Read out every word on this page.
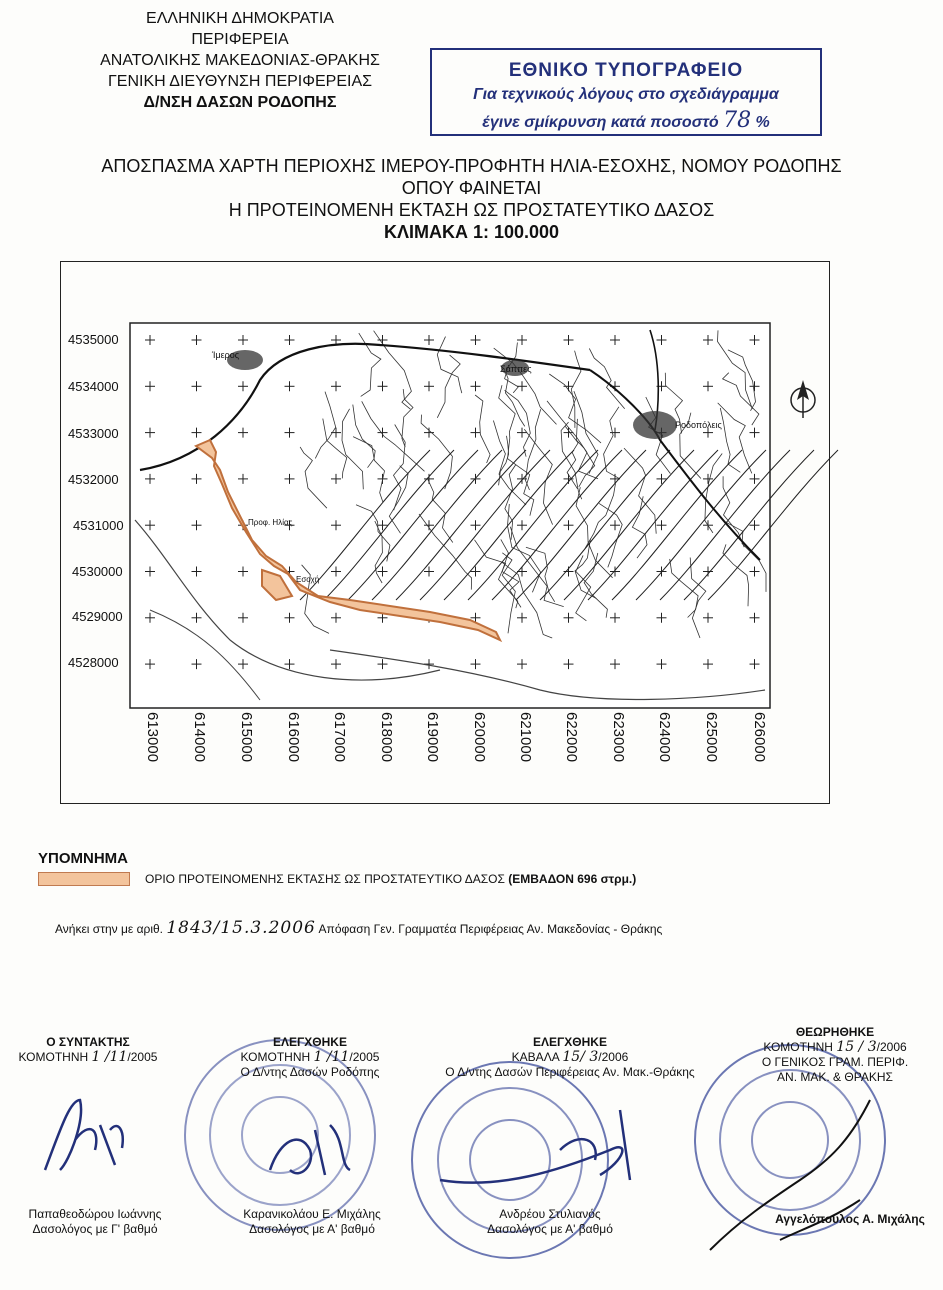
ΕΛΛΗΝΙΚΗ ΔΗΜΟΚΡΑΤΙΑ
ΠΕΡΙΦΕΡΕΙΑ
ΑΝΑΤΟΛΙΚΗΣ ΜΑΚΕΔΟΝΙΑΣ-ΘΡΑΚΗΣ
ΓΕΝΙΚΗ ΔΙΕΥΘΥΝΣΗ ΠΕΡΙΦΕΡΕΙΑΣ
Δ/ΝΣΗ ΔΑΣΩΝ ΡΟΔΟΠΗΣ
ΕΘΝΙΚΟ ΤΥΠΟΓΡΑΦΕΙΟ
Για τεχνικούς λόγους στο σχεδιάγραμμα
έγινε σμίκρυνση κατά ποσοστό 78 %
ΑΠΟΣΠΑΣΜΑ ΧΑΡΤΗ ΠΕΡΙΟΧΗΣ ΙΜΕΡΟΥ-ΠΡΟΦΗΤΗ ΗΛΙΑ-ΕΣΟΧΗΣ, ΝΟΜΟΥ ΡΟΔΟΠΗΣ
ΟΠΟΥ ΦΑΙΝΕΤΑΙ
Η ΠΡΟΤΕΙΝΟΜΕΝΗ ΕΚΤΑΣΗ ΩΣ ΠΡΟΣΤΑΤΕΥΤΙΚΟ ΔΑΣΟΣ
ΚΛΙΜΑΚΑ 1: 100.000
4535000
4534000
4533000
4532000
4531000
4530000
4529000
4528000
613000 614000 615000 616000 617000 618000 619000 620000 621000 622000 623000 624000 625000 626000
Ίμερος
Σάππες
Ροδοπόλεις
Προφ. Ηλίας
Εσοχή
ΥΠΟΜΝΗΜΑ
ΟΡΙΟ ΠΡΟΤΕΙΝΟΜΕΝΗΣ ΕΚΤΑΣΗΣ ΩΣ ΠΡΟΣΤΑΤΕΥΤΙΚΟ ΔΑΣΟΣ (ΕΜΒΑΔΟΝ 696 στρμ.)
Ανήκει στην με αριθ. 1843/15.3.2006 Απόφαση Γεν. Γραμματέα Περιφέρειας Αν. Μακεδονίας - Θράκης
Ο ΣΥΝΤΑΚΤΗΣ
ΚΟΜΟΤΗΝΗ 1 /11/2005
Παπαθεοδώρου Ιωάννης
Δασολόγος με Γ' βαθμό
ΕΛΕΓΧΘΗΚΕ
ΚΟΜΟΤΗΝΗ 1 /11/2005
Ο Δ/ντης Δασών Ροδόπης
Καρανικολάου Ε. Μιχάλης
Δασολόγος με Α' βαθμό
ΕΛΕΓΧΘΗΚΕ
ΚΑΒΑΛΑ 15/ 3/2006
Ο Δ/ντης Δασών Περιφέρειας Αν. Μακ.-Θράκης
Ανδρέου Στυλιανός
Δασολόγος με Α' βαθμό
ΘΕΩΡΗΘΗΚΕ
ΚΟΜΟΤΗΝΗ 15 / 3/2006
Ο ΓΕΝΙΚΟΣ ΓΡΑΜ. ΠΕΡΙΦ.
ΑΝ. ΜΑΚ. & ΘΡΑΚΗΣ
Αγγελόπουλος Α. Μιχάλης
